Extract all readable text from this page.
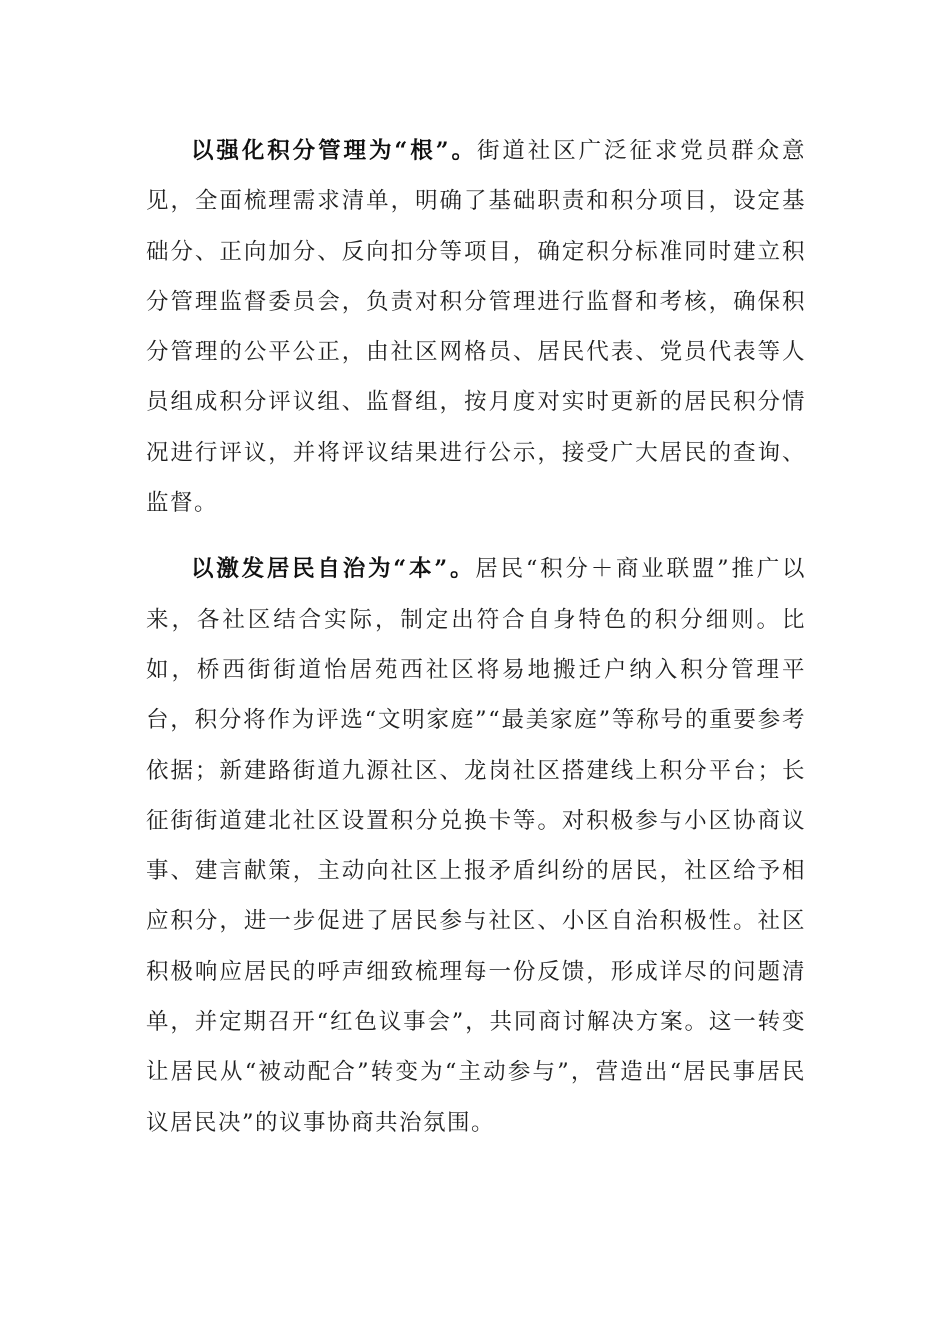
以强化积分管理为“根”。街道社区广泛征求党员群众意见，全面梳理需求清单，明确了基础职责和积分项目，设定基础分、正向加分、反向扣分等项目，确定积分标准同时建立积分管理监督委员会，负责对积分管理进行监督和考核，确保积分管理的公平公正，由社区网格员、居民代表、党员代表等人员组成积分评议组、监督组，按月度对实时更新的居民积分情况进行评议，并将评议结果进行公示，接受广大居民的查询、监督。

以激发居民自治为“本”。居民“积分＋商业联盟”推广以来，各社区结合实际，制定出符合自身特色的积分细则。比如，桥西街街道怡居苑西社区将易地搬迁户纳入积分管理平台，积分将作为评选“文明家庭”“最美家庭”等称号的重要参考依据；新建路街道九源社区、龙岗社区搭建线上积分平台；长征街街道建北社区设置积分兑换卡等。对积极参与小区协商议事、建言献策，主动向社区上报矛盾纠纷的居民，社区给予相应积分，进一步促进了居民参与社区、小区自治积极性。社区积极响应居民的呼声细致梳理每一份反馈，形成详尽的问题清单，并定期召开“红色议事会”，共同商讨解决方案。这一转变让居民从“被动配合”转变为“主动参与”，营造出“居民事居民议居民决”的议事协商共治氛围。
